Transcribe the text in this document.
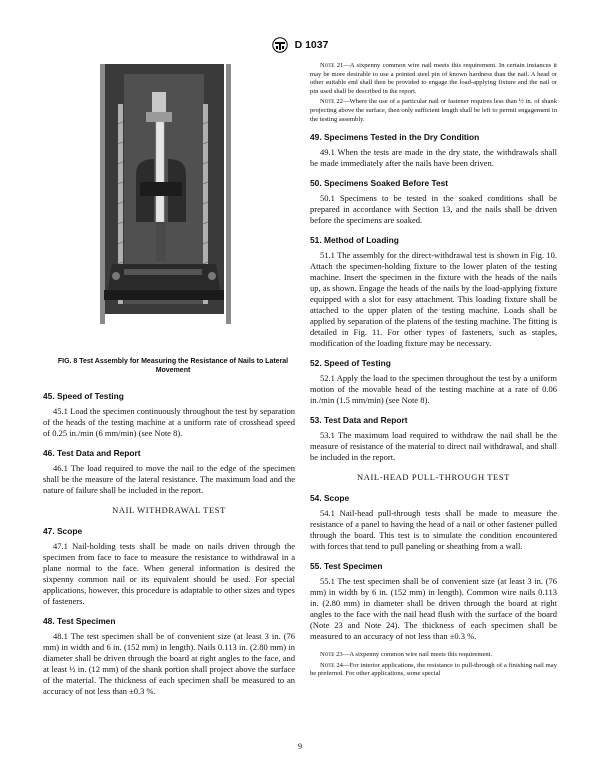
D 1037
FIG. 8 Test Assembly for Measuring the Resistance of Nails to Lateral Movement
45. Speed of Testing

45.1 Load the specimen continuously throughout the test by separation of the heads of the testing machine at a uniform rate of crosshead speed of 0.25 in./min (6 mm/min) (see Note 8).

46. Test Data and Report

46.1 The load required to move the nail to the edge of the specimen shall be the measure of the lateral resistance. The maximum load and the nature of failure shall be included in the report.

NAIL WITHDRAWAL TEST
47. Scope

47.1 Nail-holding tests shall be made on nails driven through the specimen from face to face to measure the resistance to withdrawal in a plane normal to the face. When general information is desired the sixpenny common nail or its equivalent should be used. For special applications, however, this procedure is adaptable to other sizes and types of fasteners.

48. Test Specimen

48.1 The test specimen shall be of convenient size (at least 3 in. (76 mm) in width and 6 in. (152 mm) in length). Nails 0.113 in. (2.80 mm) in diameter shall be driven through the board at right angles to the face, and at least ½ in. (12 mm) of the shank portion shall project above the surface of the material. The thickness of each specimen shall be measured to an accuracy of not less than ±0.3 %.

Note 21—A sixpenny common wire nail meets this requirement. In certain instances it may be more desirable to use a pointed steel pin of known hardness than the nail. A head or other suitable end shall then be provided to engage the load-applying fixture and the nail or pin used shall be described in the report.

Note 22—Where the use of a particular nail or fastener requires less than ½ in. of shank projecting above the surface, then only sufficient length shall be left to permit engagement in the testing assembly.

49. Specimens Tested in the Dry Condition

49.1 When the tests are made in the dry state, the withdrawals shall be made immediately after the nails have been driven.

50. Specimens Soaked Before Test

50.1 Specimens to be tested in the soaked conditions shall be prepared in accordance with Section 13, and the nails shall be driven before the specimens are soaked.

51. Method of Loading

51.1 The assembly for the direct-withdrawal test is shown in Fig. 10. Attach the specimen-holding fixture to the lower platen of the testing machine. Insert the specimen in the fixture with the heads of the nails up, as shown. Engage the heads of the nails by the load-applying fixture equipped with a slot for easy attachment. This loading fixture shall be attached to the upper platen of the testing machine. Loads shall be applied by separation of the platens of the testing machine. The fitting is detailed in Fig. 11. For other types of fasteners, such as staples, modification of the loading fixture may be necessary.

52. Speed of Testing

52.1 Apply the load to the specimen throughout the test by a uniform motion of the movable head of the testing machine at a rate of 0.06 in./min (1.5 mm/min) (see Note 8).

53. Test Data and Report

53.1 The maximum load required to withdraw the nail shall be the measure of resistance of the material to direct nail withdrawal, and shall be included in the report.

NAIL-HEAD PULL-THROUGH TEST
54. Scope

54.1 Nail-head pull-through tests shall be made to measure the resistance of a panel to having the head of a nail or other fastener pulled through the board. This test is to simulate the condition encountered with forces that tend to pull paneling or sheathing from a wall.

55. Test Specimen

55.1 The test specimen shall be of convenient size (at least 3 in. (76 mm) in width by 6 in. (152 mm) in length). Common wire nails 0.113 in. (2.80 mm) in diameter shall be driven through the board at right angles to the face with the nail head flush with the surface of the board (Note 23 and Note 24). The thickness of each specimen shall be measured to an accuracy of not less than ±0.3 %.

Note 23—A sixpenny common wire nail meets this requirement.

Note 24—For interior applications, the resistance to pull-through of a finishing nail may be preferred. For other applications, some special

9
